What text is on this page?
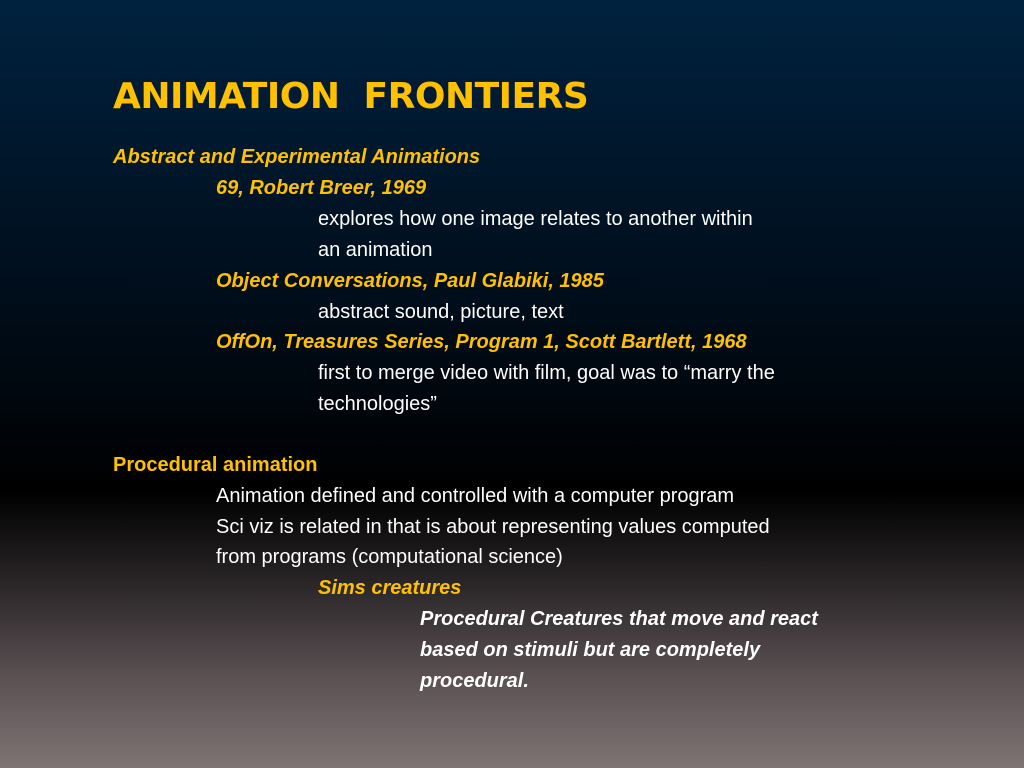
ANIMATION  FRONTIERS
Abstract and Experimental Animations
69, Robert Breer, 1969
explores how one image relates to another within
an animation
Object Conversations, Paul Glabiki, 1985
abstract sound, picture, text
OffOn, Treasures Series, Program 1, Scott Bartlett, 1968
first to merge video with film, goal was to “marry the
technologies”
Procedural animation
Animation defined and controlled with a computer program
Sci viz is related in that is about representing values computed
from programs (computational science)
Sims creatures
Procedural Creatures that move and react
based on stimuli but are completely
procedural.
